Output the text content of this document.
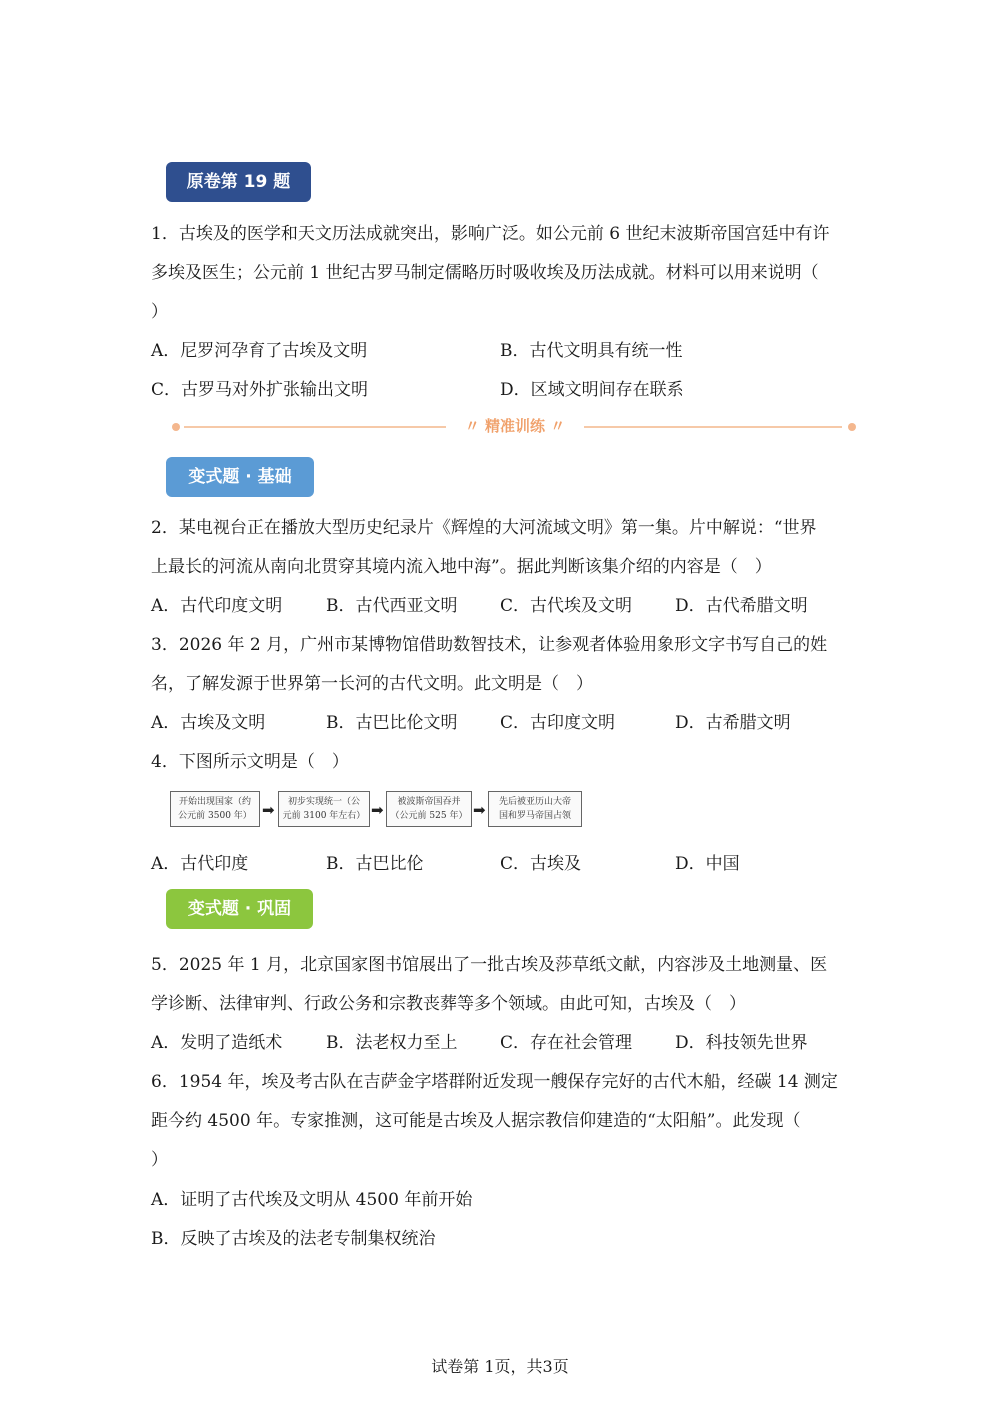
原卷第 19 题
1．古埃及的医学和天文历法成就突出，影响广泛。如公元前 6 世纪末波斯帝国宫廷中有许
多埃及医生；公元前 1 世纪古罗马制定儒略历时吸收埃及历法成就。材料可以用来说明（
）
A．尼罗河孕育了古埃及文明	B．古代文明具有统一性
C．古罗马对外扩张输出文明	D．区域文明间存在联系
〃 精准训练 〃
变式题 · 基础
2．某电视台正在播放大型历史纪录片《辉煌的大河流域文明》第一集。片中解说：“世界
上最长的河流从南向北贯穿其境内流入地中海”。据此判断该集介绍的内容是（　）
A．古代印度文明	B．古代西亚文明	C．古代埃及文明	D．古代希腊文明
3．2026 年 2 月，广州市某博物馆借助数智技术，让参观者体验用象形文字书写自己的姓
名，了解发源于世界第一长河的古代文明。此文明是（　）
A．古埃及文明	B．古巴比伦文明	C．古印度文明	D．古希腊文明
4．下图所示文明是（　）
开始出现国家（约
公元前 3500 年） ➡	初步实现统一（公
元前 3100 年左右） ➡	被波斯帝国吞并
（公元前 525 年） ➡	先后被亚历山大帝
国和罗马帝国占领
A．古代印度	B．古巴比伦	C．古埃及	D．中国
变式题 · 巩固
5．2025 年 1 月，北京国家图书馆展出了一批古埃及莎草纸文献，内容涉及土地测量、医
学诊断、法律审判、行政公务和宗教丧葬等多个领域。由此可知，古埃及（　）
A．发明了造纸术	B．法老权力至上	C．存在社会管理	D．科技领先世界
6．1954 年，埃及考古队在吉萨金字塔群附近发现一艘保存完好的古代木船，经碳 14 测定
距今约 4500 年。专家推测，这可能是古埃及人据宗教信仰建造的“太阳船”。此发现（
）
A．证明了古代埃及文明从 4500 年前开始
B．反映了古埃及的法老专制集权统治
试卷第 1页，共3页
